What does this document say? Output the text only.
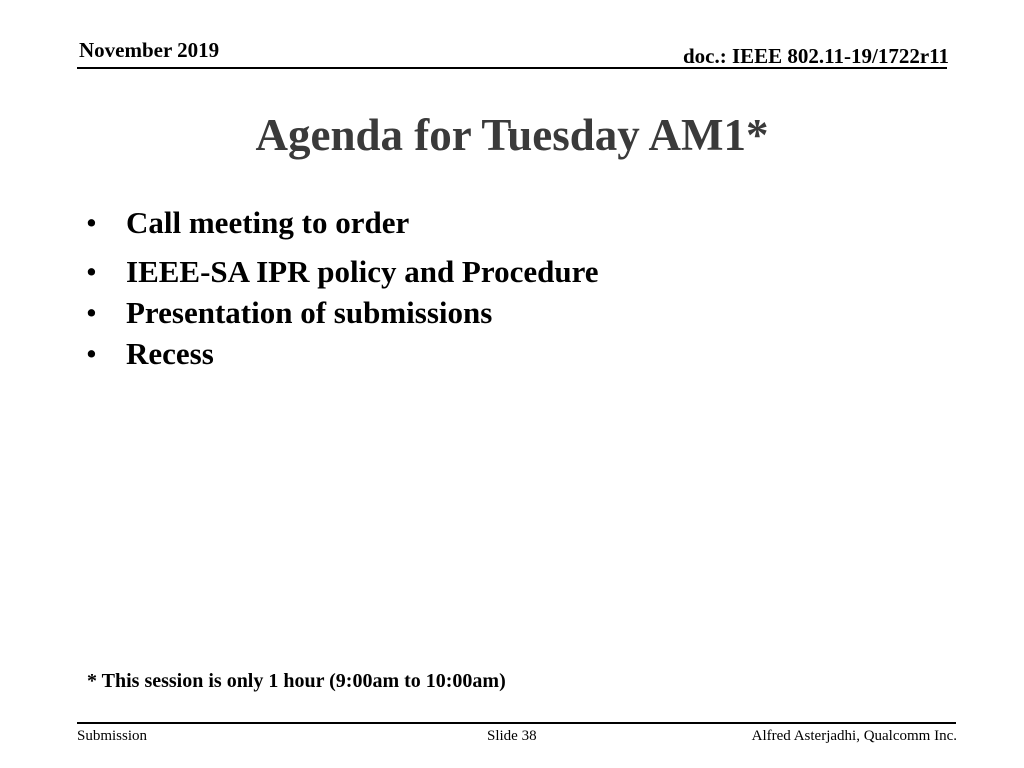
November 2019	doc.: IEEE 802.11-19/1722r11
Agenda for Tuesday AM1*
• Call meeting to order
• IEEE-SA IPR policy and Procedure
• Presentation of submissions
• Recess
* This session is only 1 hour (9:00am to 10:00am)
Submission	Slide 38	Alfred Asterjadhi, Qualcomm Inc.
